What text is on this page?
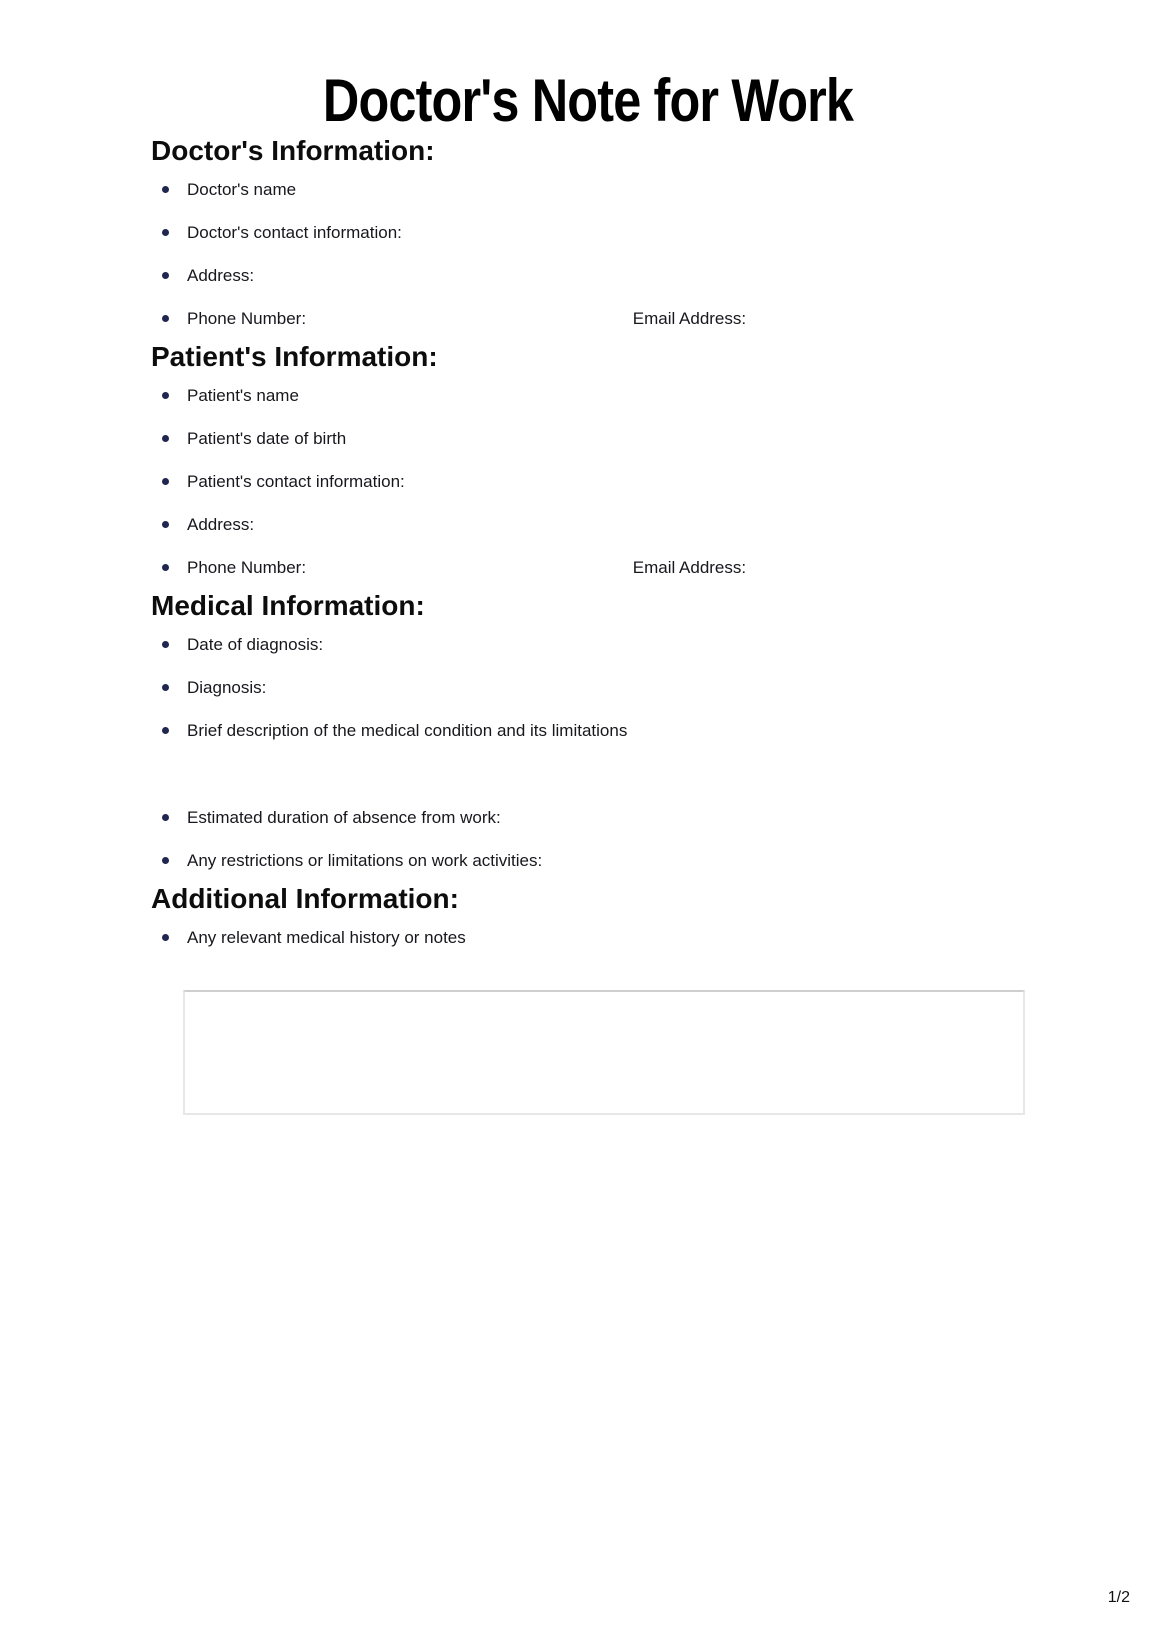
Doctor's Note for Work
Doctor's Information:
Doctor's name
Doctor's contact information:
Address:
Phone Number:	Email Address:
Patient's Information:
Patient's name
Patient's date of birth
Patient's contact information:
Address:
Phone Number:	Email Address:
Medical Information:
Date of diagnosis:
Diagnosis:
Brief description of the medical condition and its limitations
Estimated duration of absence from work:
Any restrictions or limitations on work activities:
Additional Information:
Any relevant medical history or notes
1/2
